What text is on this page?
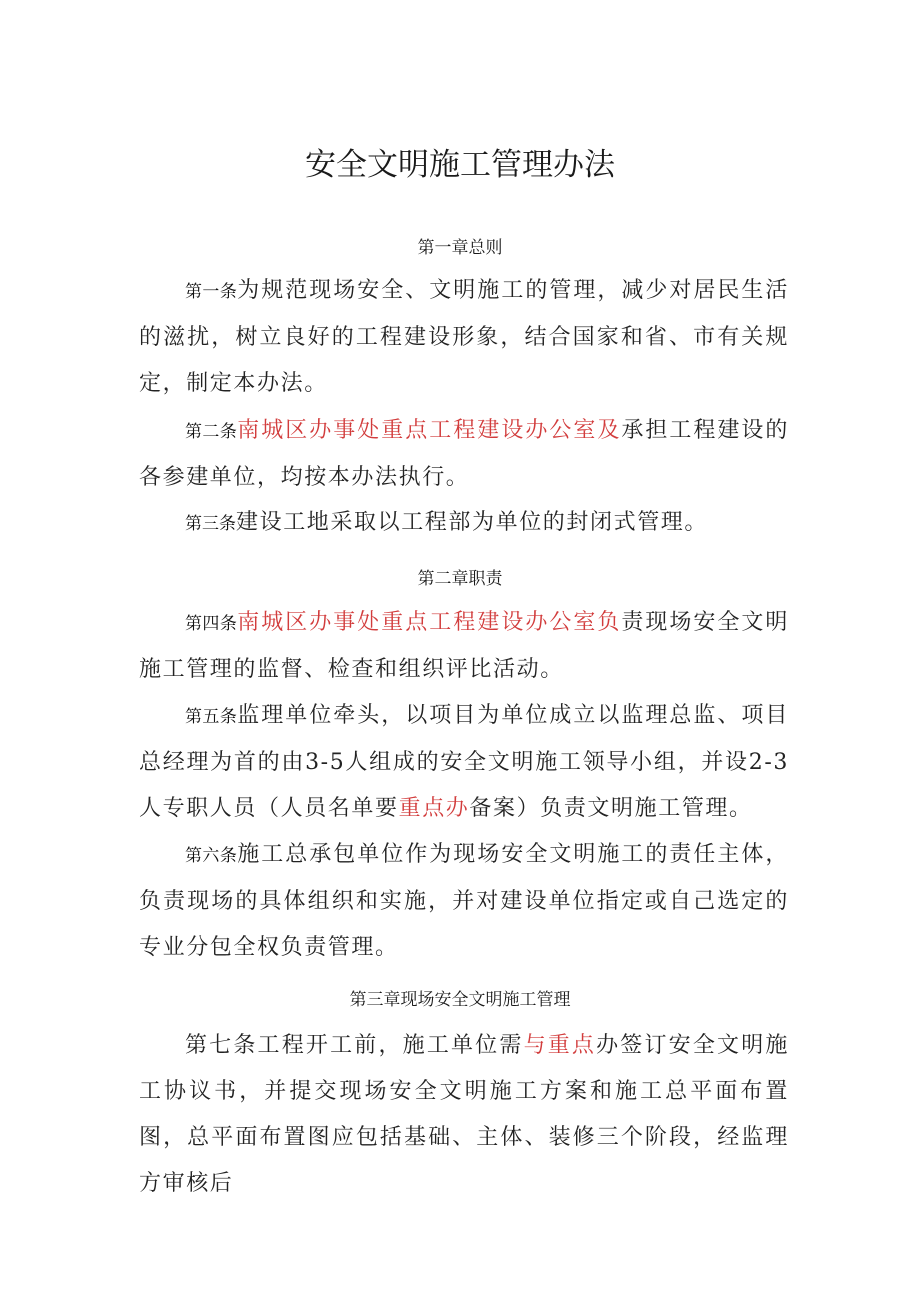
安全文明施工管理办法
第一章总则

第一条为规范现场安全、文明施工的管理，减少对居民生活的滋扰，树立良好的工程建设形象，结合国家和省、市有关规定，制定本办法。

第二条南城区办事处重点工程建设办公室及承担工程建设的各参建单位，均按本办法执行。

第三条建设工地采取以工程部为单位的封闭式管理。

第二章职责

第四条南城区办事处重点工程建设办公室负责现场安全文明施工管理的监督、检查和组织评比活动。

第五条监理单位牵头，以项目为单位成立以监理总监、项目总经理为首的由3-5人组成的安全文明施工领导小组，并设2-3人专职人员（人员名单要重点办备案）负责文明施工管理。

第六条施工总承包单位作为现场安全文明施工的责任主体，负责现场的具体组织和实施，并对建设单位指定或自己选定的专业分包全权负责管理。

第三章现场安全文明施工管理

第七条工程开工前，施工单位需与重点办签订安全文明施工协议书，并提交现场安全文明施工方案和施工总平面布置图，总平面布置图应包括基础、主体、装修三个阶段，经监理方审核后
